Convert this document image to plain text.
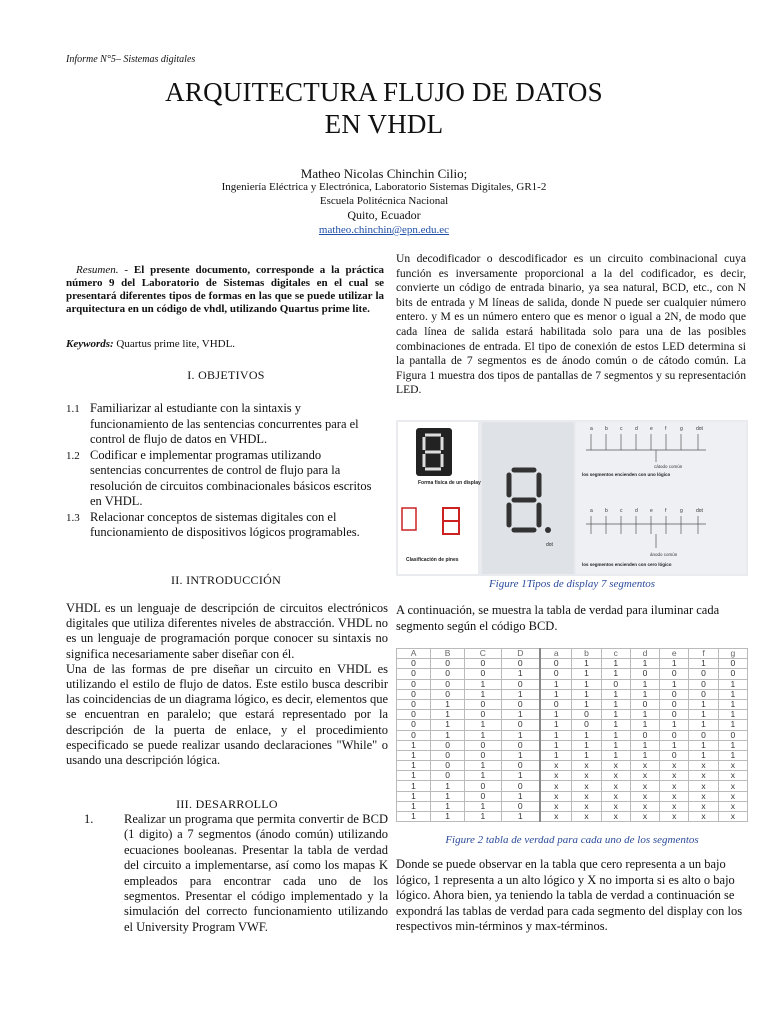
Informe N°5– Sistemas digitales
ARQUITECTURA FLUJO DE DATOS
EN VHDL
Matheo Nicolas Chinchin Cilio;
Ingeniería Eléctrica y Electrónica, Laboratorio Sistemas Digitales, GR1-2
Escuela Politécnica Nacional
Quito, Ecuador
matheo.chinchin@epn.edu.ec
Resumen. - El presente documento, corresponde a la práctica número 9 del Laboratorio de Sistemas digitales en el cual se presentará diferentes tipos de formas en las que se puede utilizar la arquitectura en un código de vhdl, utilizando Quartus prime lite.
Keywords: Quartus prime lite, VHDL.
I. OBJETIVOS
1.1 Familiarizar al estudiante con la sintaxis y funcionamiento de las sentencias concurrentes para el control de flujo de datos en VHDL.
1.2 Codificar e implementar programas utilizando sentencias concurrentes de control de flujo para la resolución de circuitos combinacionales básicos escritos en VHDL.
1.3 Relacionar conceptos de sistemas digitales con el funcionamiento de dispositivos lógicos programables.
II. INTRODUCCIÓN

VHDL es un lenguaje de descripción de circuitos electrónicos digitales que utiliza diferentes niveles de abstracción. VHDL no es un lenguaje de programación porque conocer su sintaxis no significa necesariamente saber diseñar con él.

Una de las formas de pre diseñar un circuito en VHDL es utilizando el estilo de flujo de datos. Este estilo busca describir las coincidencias de un diagrama lógico, es decir, elementos que se encuentran en paralelo; que estará representado por la descripción de la puerta de enlace, y el procedimiento especificado se puede realizar usando declaraciones "While" o usando una descripción lógica.

III. DESARROLLO
1.	Realizar un programa que permita convertir de BCD (1 digito) a 7 segmentos (ánodo común) utilizando ecuaciones booleanas. Presentar la tabla de verdad del circuito a implementarse, así como los mapas K empleados para encontrar cada uno de los segmentos. Presentar el código implementado y la simulación del correcto funcionamiento utilizando el University Program VWF.
Un decodificador o descodificador es un circuito combinacional cuya función es inversamente proporcional a la del codificador, es decir, convierte un código de entrada binario, ya sea natural, BCD, etc., con N bits de entrada y M líneas de salida, donde N puede ser cualquier número entero. y M es un número entero que es menor o igual a 2N, de modo que cada línea de salida estará habilitada solo para una de las posibles combinaciones de entrada. El tipo de conexión de estos LED determina si la pantalla de 7 segmentos es de ánodo común o de cátodo común. La Figura 1 muestra dos tipos de pantallas de 7 segmentos y su representación LED.
Forma física de un display
Clasificación de pines
dot
a b c	d e f	g	dot
cátodo común
los segmentos encienden con uno lógico
a b c	d e f	g	dot
ánodo común
los segmentos encienden con cero lógico
Figure 1Tipos de display 7 segmentos
A continuación, se muestra la tabla de verdad para iluminar cada segmento según el código BCD.
A	B	C	D	a	b	c	d	e	f	g
0	0	0	0	0	1	1	1	1	1	0
0	0	0	1	0	1	1	0	0	0	0
0	0	1	0	1	1	0	1	1	0	1
0	0	1	1	1	1	1	1	0	0	1
0	1	0	0	0	1	1	0	0	1	1
0	1	0	1	1	0	1	1	0	1	1
0	1	1	0	1	0	1	1	1	1	1
0	1	1	1	1	1	1	0	0	0	0
1	0	0	0	1	1	1	1	1	1	1
1	0	0	1	1	1	1	1	0	1	1
1	0	1	0	x	x	x	x	x	x	x
1	0	1	1	x	x	x	x	x	x	x
1	1	0	0	x	x	x	x	x	x	x
1	1	0	1	x	x	x	x	x	x	x
1	1	1	0	x	x	x	x	x	x	x
1	1	1	1	x	x	x	x	x	x	x
Figure 2 tabla de verdad para cada uno de los segmentos
Donde se puede observar en la tabla que cero representa a un bajo lógico, 1 representa a un alto lógico y X no importa si es alto o bajo lógico. Ahora bien, ya teniendo la tabla de verdad a continuación se expondrá las tablas de verdad para cada segmento del display con los respectivos min-términos y max-términos.
